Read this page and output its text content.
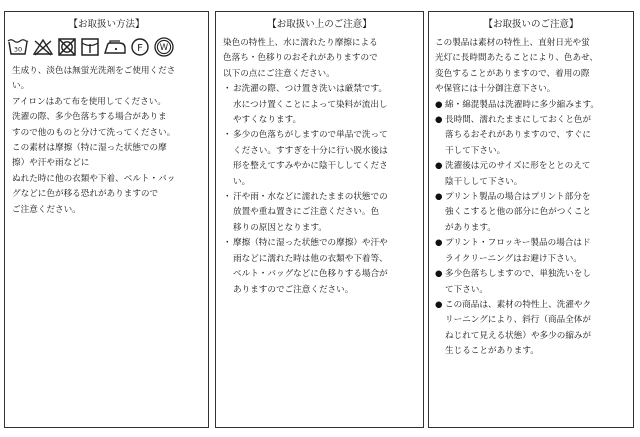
【お取扱い方法】
30	F W
生成り、淡色は無蛍光洗剤をご使用くださ
い。
アイロンはあて布を使用してください。
洗濯の際、多少色落ちする場合がありま
すので他のものと分けて洗ってください。
この素材は摩擦（特に湿った状態での摩
擦）や汗や雨などに
ぬれた時に他の衣類や下着、ベルト・バッ
グなどに色が移る恐れがありますので
ご注意ください。
【お取扱い上のご注意】
染色の特性上、水に濡れたり摩擦による
色落ち・色移りのおそれがありますので
以下の点にご注意ください。
・ お洗濯の際、つけ置き洗いは厳禁です。
水につけ置くことによって染料が流出し
やすくなります。
・ 多少の色落ちがしますので単品で洗って
ください。すすぎを十分に行い脱水後は
形を整えてすみやかに陰干ししてくださ
い。
・ 汗や雨・水などに濡れたままの状態での
放置や重ね置きにご注意ください。色
移りの原因となります。
・ 摩擦（特に湿った状態での摩擦）や汗や
雨などに濡れた時は他の衣類や下着等、
ベルト・バッグなどに色移りする場合が
ありますのでご注意ください。
【お取扱いのご注意】
この製品は素材の特性上、直射日光や蛍
光灯に長時間あたることにより、色あせ、
変色することがありますので、着用の際
や保管には十分御注意下さい。
● 綿・綿混製品は洗濯時に多少縮みます。
● 長時間、濡れたままにしておくと色が
落ちるおそれがありますので、すぐに
干して下さい。
● 洗濯後は元のサイズに形をととのえて
陰干しして下さい。
● プリント製品の場合はプリント部分を
強くこすると他の部分に色がつくこと
があります。
● プリント・フロッキー製品の場合はド
ライクリーニングはお避け下さい。
● 多少色落ちしますので、単独洗いをし
て下さい。
● この商品は、素材の特性上、洗濯やク
リーニングにより、斜行（商品全体が
ねじれて見える状態）や多少の縮みが
生じることがあります。
